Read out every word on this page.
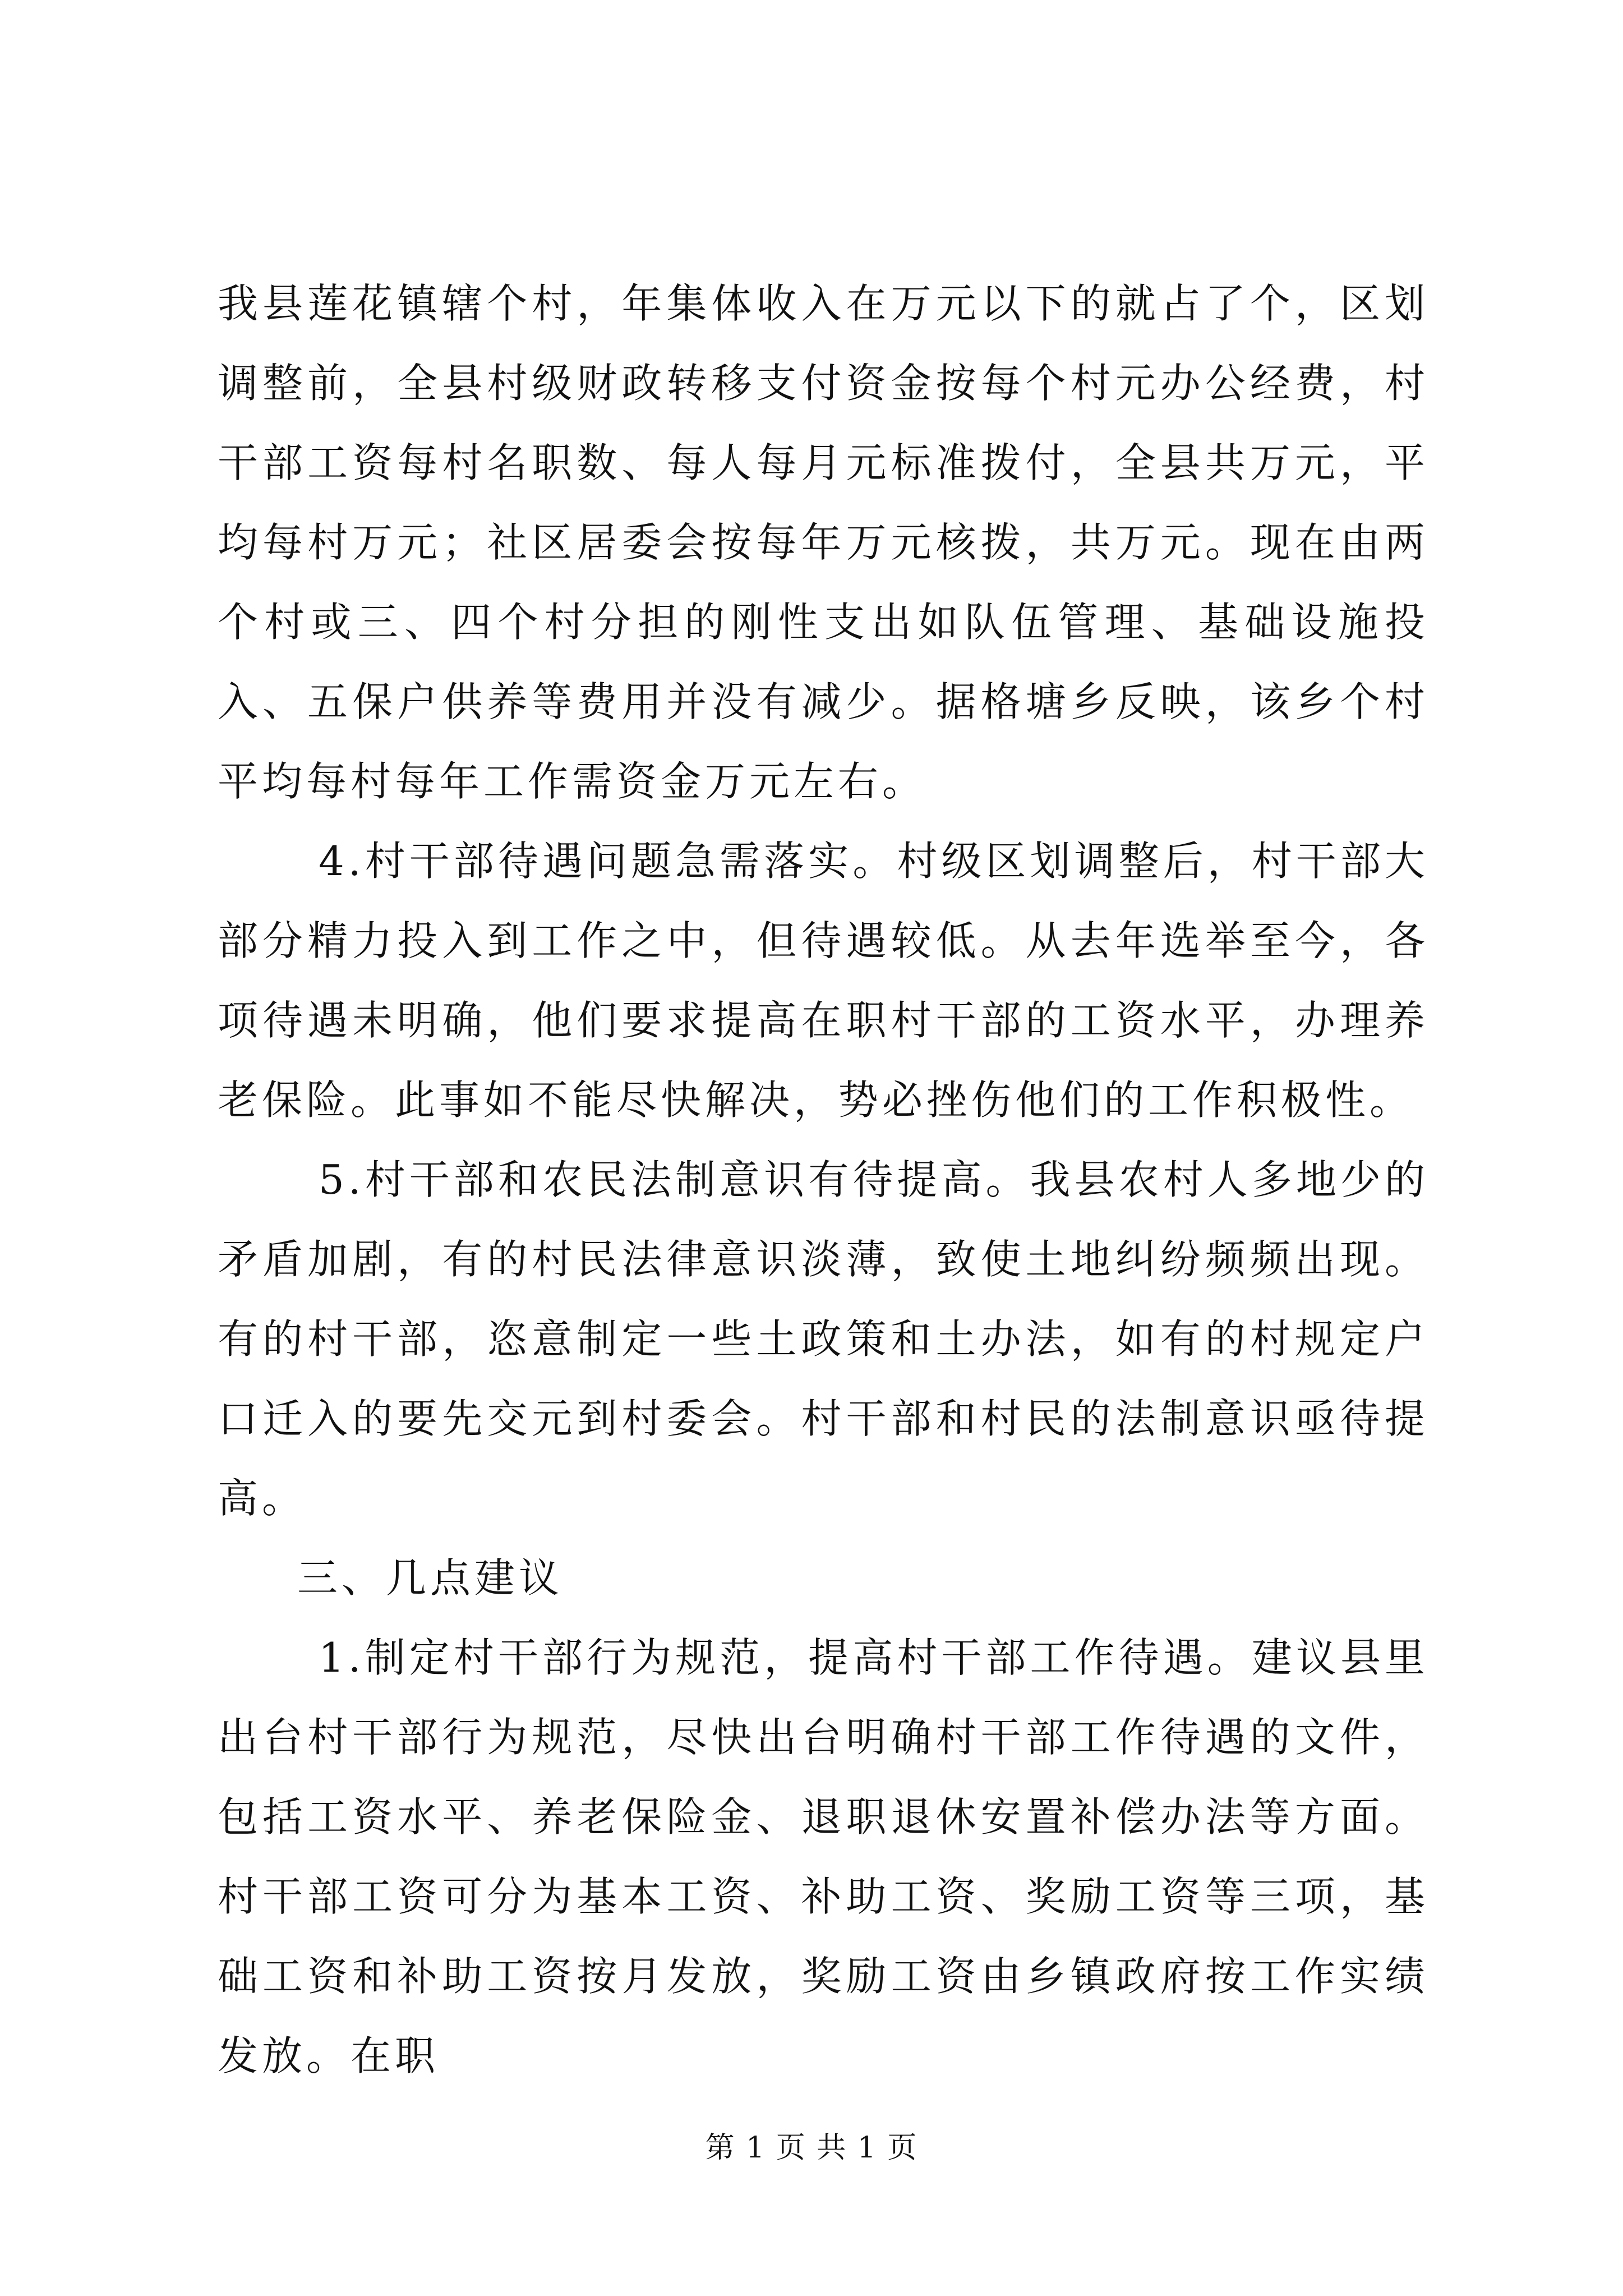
我县莲花镇辖个村，年集体收入在万元以下的就占了个，区划调整前，全县村级财政转移支付资金按每个村元办公经费，村干部工资每村名职数、每人每月元标准拨付，全县共万元，平均每村万元；社区居委会按每年万元核拨，共万元。现在由两个村或三、四个村分担的刚性支出如队伍管理、基础设施投入、五保户供养等费用并没有减少。据格塘乡反映，该乡个村平均每村每年工作需资金万元左右。

4.村干部待遇问题急需落实。村级区划调整后，村干部大部分精力投入到工作之中，但待遇较低。从去年选举至今，各项待遇未明确，他们要求提高在职村干部的工资水平，办理养老保险。此事如不能尽快解决，势必挫伤他们的工作积极性。

5.村干部和农民法制意识有待提高。我县农村人多地少的矛盾加剧，有的村民法律意识淡薄，致使土地纠纷频频出现。有的村干部，恣意制定一些土政策和土办法，如有的村规定户口迁入的要先交元到村委会。村干部和村民的法制意识亟待提高。

三、几点建议

1.制定村干部行为规范，提高村干部工作待遇。建议县里出台村干部行为规范，尽快出台明确村干部工作待遇的文件，包括工资水平、养老保险金、退职退休安置补偿办法等方面。村干部工资可分为基本工资、补助工资、奖励工资等三项，基础工资和补助工资按月发放，奖励工资由乡镇政府按工作实绩发放。在职

第 1 页 共 1 页
